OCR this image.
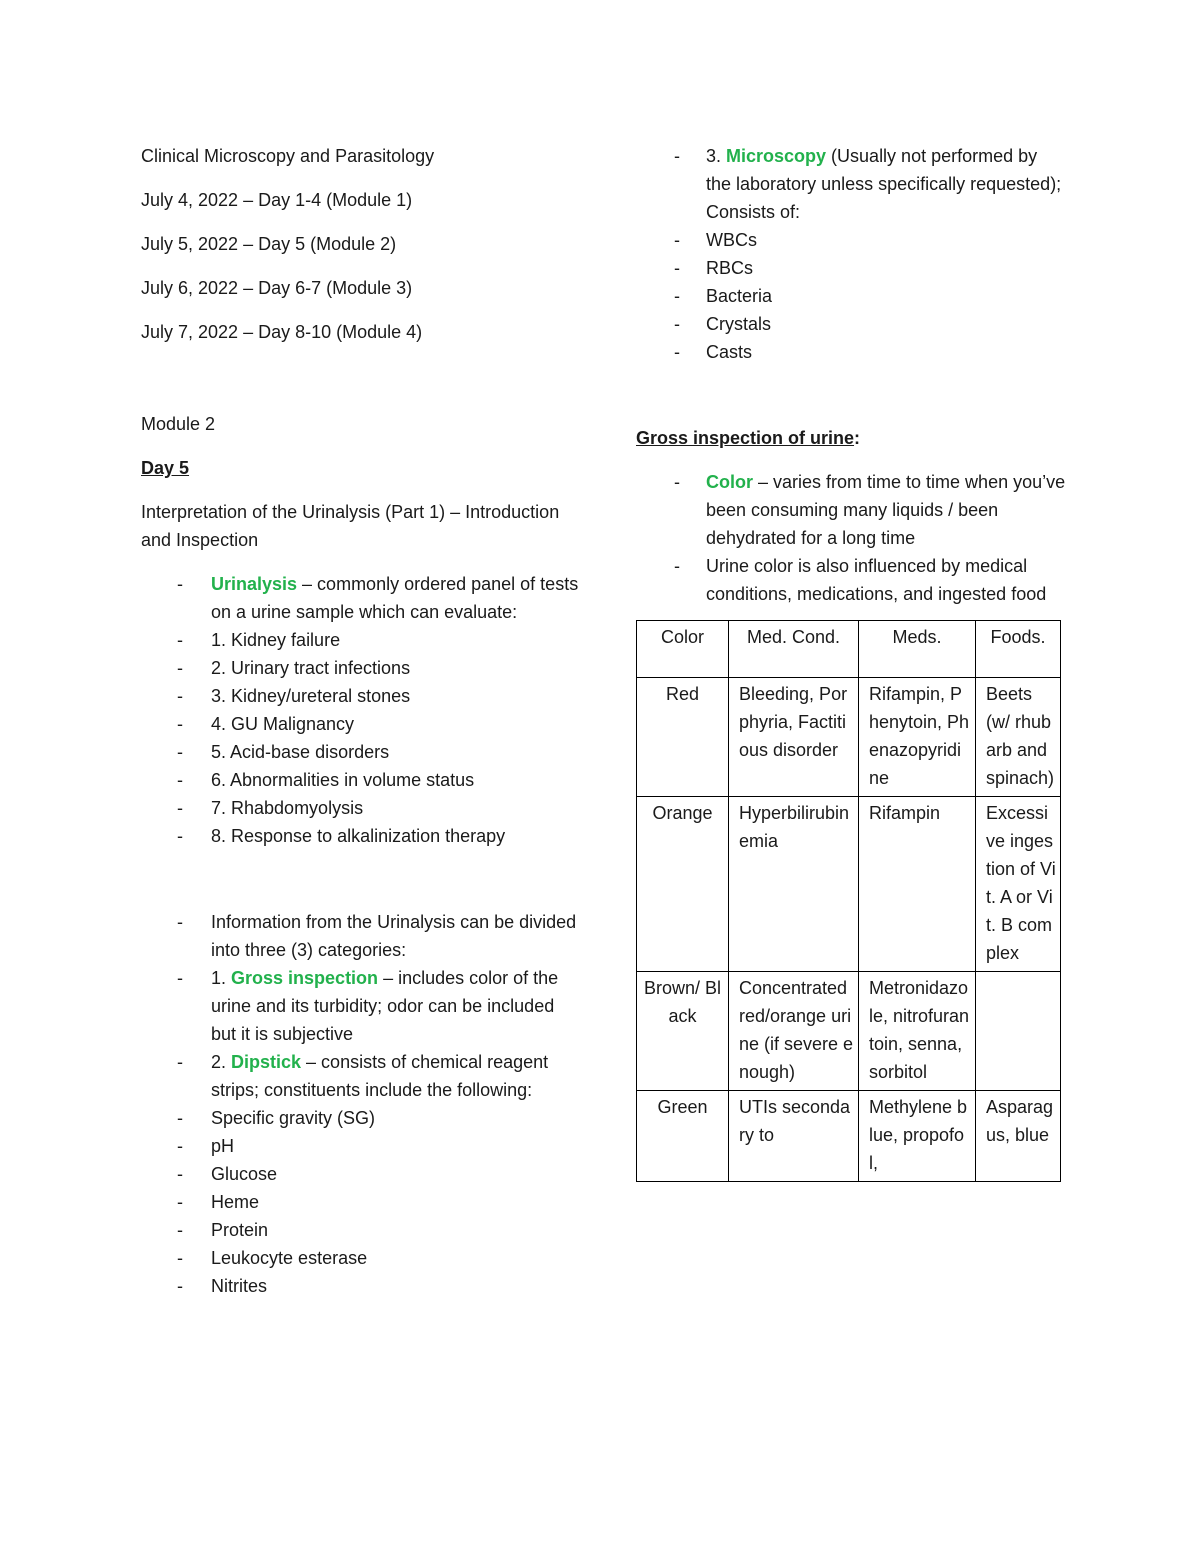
Clinical Microscopy and Parasitology

July 4, 2022 – Day 1-4 (Module 1)

July 5, 2022 – Day 5 (Module 2)

July 6, 2022 – Day 6-7 (Module 3)

July 7, 2022 – Day 8-10 (Module 4)

Module 2

Day 5

Interpretation of the Urinalysis (Part 1) – Introduction and Inspection

- Urinalysis – commonly ordered panel of tests on a urine sample which can evaluate:
- 1. Kidney failure
- 2. Urinary tract infections
- 3. Kidney/ureteral stones
- 4. GU Malignancy
- 5. Acid-base disorders
- 6. Abnormalities in volume status
- 7. Rhabdomyolysis
- 8. Response to alkalinization therapy
- Information from the Urinalysis can be divided into three (3) categories:
- 1. Gross inspection – includes color of the urine and its turbidity; odor can be included but it is subjective
- 2. Dipstick – consists of chemical reagent strips; constituents include the following:
- Specific gravity (SG)
- pH
- Glucose
- Heme
- Protein
- Leukocyte esterase
- Nitrites
- 3. Microscopy (Usually not performed by the laboratory unless specifically requested); Consists of:
- WBCs
- RBCs
- Bacteria
- Crystals
- Casts

Gross inspection of urine:

- Color – varies from time to time when you’ve been consuming many liquids / been dehydrated for a long time
- Urine color is also influenced by medical conditions, medications, and ingested food
Color	Med. Cond.	Meds.	Foods.
Red	Bleeding, Porphyria, Factitious disorder	Rifampin, Phenytoin, Phenazopyridine	Beets (w/ rhubarb and spinach)
Orange	Hyperbilirubinemia	Rifampin	Excessive ingestion of Vit. A or Vit. B complex
Brown/ Black	Concentrated red/orange urine (if severe enough)	Metronidazole, nitrofurantoin, senna, sorbitol	
Green	UTIs secondary to	Methylene blue, propofol,	Asparagus, blue
